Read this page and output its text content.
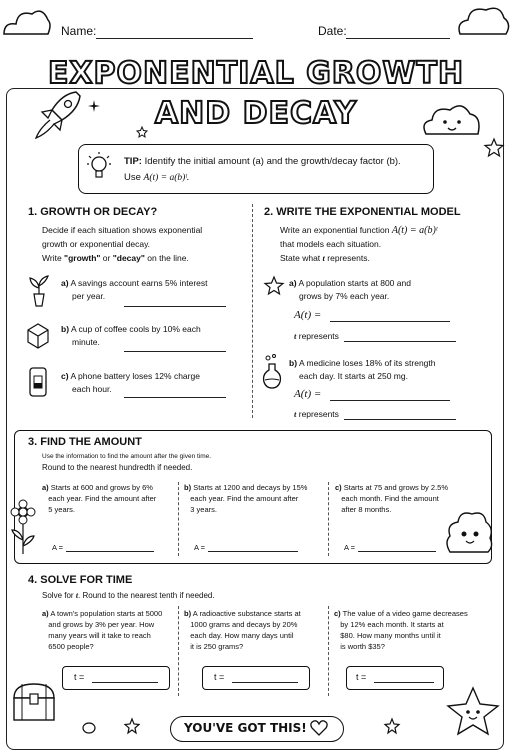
Name:	Date:
EXPONENTIAL GROWTH
AND DECAY
TIP: Identify the initial amount (a) and the growth/decay factor (b).
Use A(t) = a(b)ᵗ.
1. GROWTH OR DECAY?
Decide if each situation shows exponential
growth or exponential decay.
Write "growth" or "decay" on the line.
a) A savings account earns 5% interest
per year.
b) A cup of coffee cools by 10% each
minute.
c) A phone battery loses 12% charge
each hour.
2. WRITE THE EXPONENTIAL MODEL
Write an exponential function A(t) = a(b)ᵗ
that models each situation.
State what t represents.
a) A population starts at 800 and
grows by 7% each year.
A(t) =
t represents
b) A medicine loses 18% of its strength
each day. It starts at 250 mg.
A(t) =
t represents
3. FIND THE AMOUNT
Use the information to find the amount after the given time.
Round to the nearest hundredth if needed.
a) Starts at 600 and grows by 6%
each year. Find the amount after
5 years.
A =
b) Starts at 1200 and decays by 15%
each year. Find the amount after
3 years.
A =
c) Starts at 75 and grows by 2.5%
each month. Find the amount
after 8 months.
A =
4. SOLVE FOR TIME
Solve for t. Round to the nearest tenth if needed.
a) A town's population starts at 5000
and grows by 3% per year. How
many years will it take to reach
6500 people?
t =
b) A radioactive substance starts at
1000 grams and decays by 20%
each day. How many days until
it is 250 grams?
t =
c) The value of a video game decreases
by 12% each month. It starts at
$80. How many months until it
is worth $35?
t =
YOU'VE GOT THIS!
